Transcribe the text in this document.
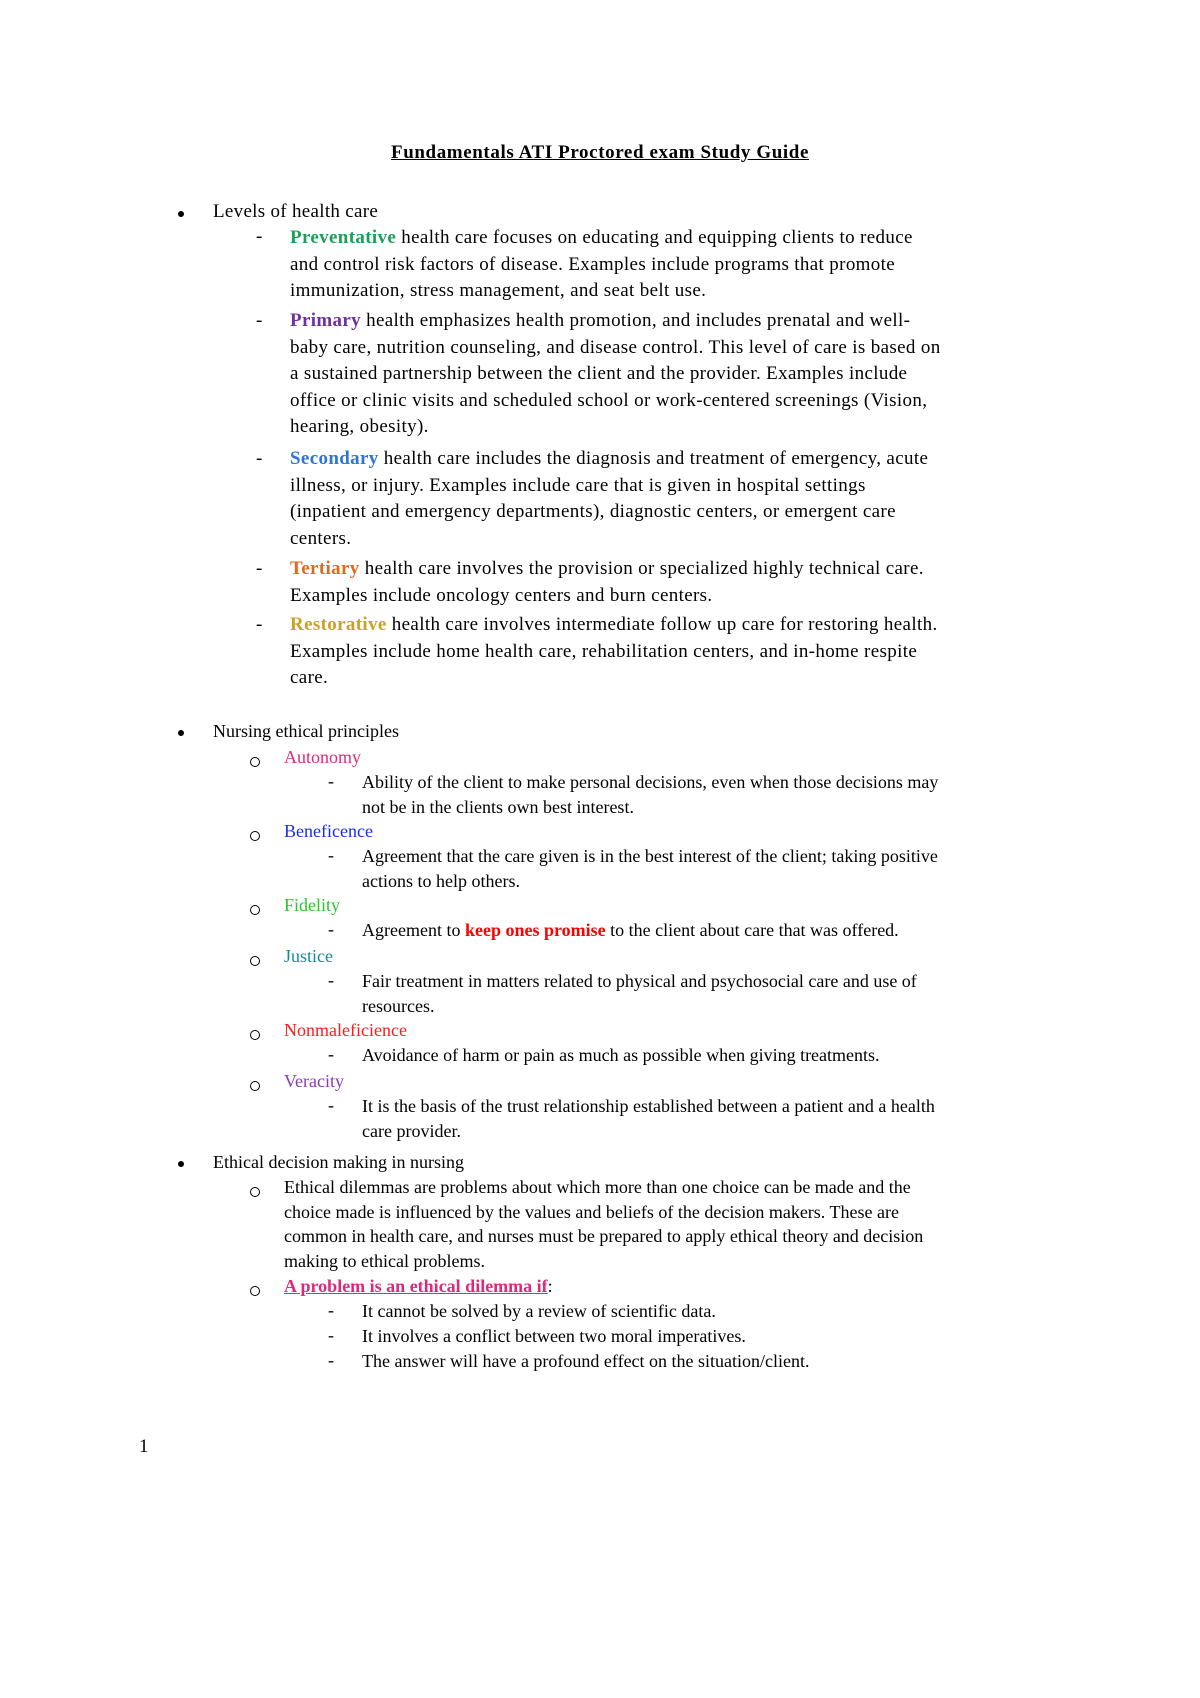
Fundamentals ATI Proctored exam Study Guide
Levels of health care
- Preventative health care focuses on educating and equipping clients to reduce
and control risk factors of disease. Examples include programs that promote
immunization, stress management, and seat belt use.
- Primary health emphasizes health promotion, and includes prenatal and well-
baby care, nutrition counseling, and disease control. This level of care is based on
a sustained partnership between the client and the provider. Examples include
office or clinic visits and scheduled school or work-centered screenings (Vision,
hearing, obesity).
- Secondary health care includes the diagnosis and treatment of emergency, acute
illness, or injury. Examples include care that is given in hospital settings
(inpatient and emergency departments), diagnostic centers, or emergent care
centers.
- Tertiary health care involves the provision or specialized highly technical care.
Examples include oncology centers and burn centers.
- Restorative health care involves intermediate follow up care for restoring health.
Examples include home health care, rehabilitation centers, and in-home respite
care.
Nursing ethical principles
Autonomy
- Ability of the client to make personal decisions, even when those decisions may
not be in the clients own best interest.
Beneficence
- Agreement that the care given is in the best interest of the client; taking positive
actions to help others.
Fidelity
- Agreement to keep ones promise to the client about care that was offered.
Justice
- Fair treatment in matters related to physical and psychosocial care and use of
resources.
Nonmaleficience
- Avoidance of harm or pain as much as possible when giving treatments.
Veracity
- It is the basis of the trust relationship established between a patient and a health
care provider.
Ethical decision making in nursing
Ethical dilemmas are problems about which more than one choice can be made and the
choice made is influenced by the values and beliefs of the decision makers. These are
common in health care, and nurses must be prepared to apply ethical theory and decision
making to ethical problems.
A problem is an ethical dilemma if:
- It cannot be solved by a review of scientific data.
- It involves a conflict between two moral imperatives.
- The answer will have a profound effect on the situation/client.
1
